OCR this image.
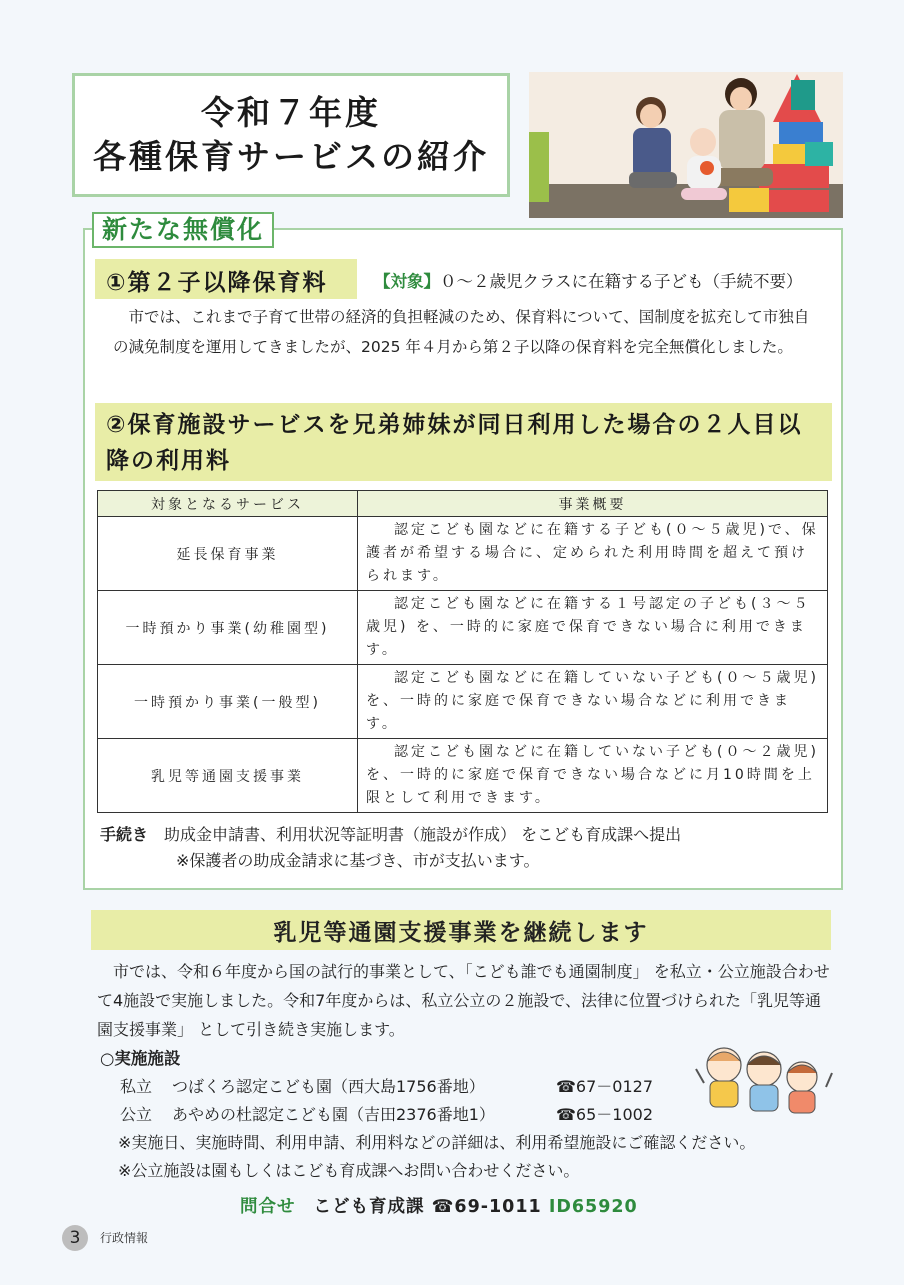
令和７年度
各種保育サービスの紹介
新たな無償化
①第２子以降保育料	【対象】０～２歳児クラスに在籍する子ども（手続不要）
市では、これまで子育て世帯の経済的負担軽減のため、保育料について、国制度を拡充して市独自の減免制度を運用してきましたが、2025 年４月から第２子以降の保育料を完全無償化しました。
②保育施設サービスを兄弟姉妹が同日利用した場合の２人目以降の利用料
対象となるサービス	事業概要
延長保育事業	認定こども園などに在籍する子ども(０～５歳児)で、保護者が希望する場合に、定められた利用時間を超えて預けられます。
一時預かり事業(幼稚園型)	認定こども園などに在籍する１号認定の子ども(３～５歳児) を、一時的に家庭で保育できない場合に利用できます。
一時預かり事業(一般型)	認定こども園などに在籍していない子ども(０～５歳児) を、一時的に家庭で保育できない場合などに利用できます。
乳児等通園支援事業	認定こども園などに在籍していない子ども(０～２歳児) を、一時的に家庭で保育できない場合などに月10時間を上限として利用できます。
手続き 助成金申請書、利用状況等証明書（施設が作成） をこども育成課へ提出
※保護者の助成金請求に基づき、市が支払います。
乳児等通園支援事業を継続します
市では、令和６年度から国の試行的事業として、「こども誰でも通園制度」 を私立・公立施設合わせて4施設で実施しました。令和7年度からは、私立公立の２施設で、法律に位置づけられた「乳児等通園支援事業」 として引き続き実施します。
○実施施設
私立 つばくろ認定こども園（西大島1756番地）	☎67－0127
公立 あやめの杜認定こども園（吉田2376番地1）	☎65－1002
※実施日、実施時間、利用申請、利用料などの詳細は、利用希望施設にご確認ください。
※公立施設は園もしくはこども育成課へお問い合わせください。
問合せ こども育成課 ☎69-1011 ID65920
3	行政情報
